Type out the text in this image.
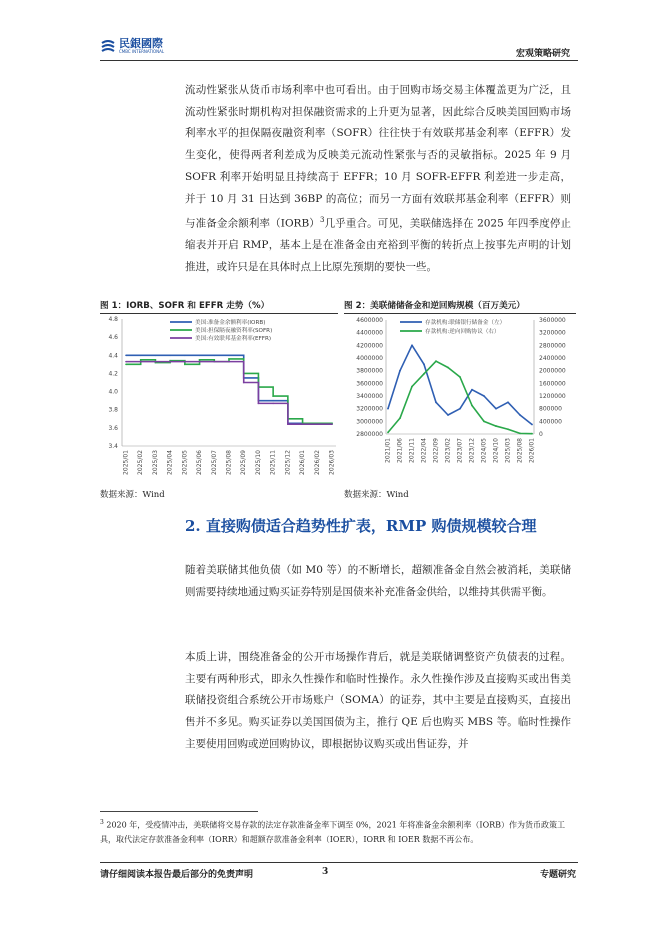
民銀國際
CMBC INTERNATIONAL	宏观策略研究
流动性紧张从货币市场利率中也可看出。由于回购市场交易主体覆盖更为广泛，且流动性紧张时期机构对担保融资需求的上升更为显著，因此综合反映美国回购市场利率水平的担保隔夜融资利率（SOFR）往往快于有效联邦基金利率（EFFR）发生变化，使得两者利差成为反映美元流动性紧张与否的灵敏指标。2025 年 9 月 SOFR 利率开始明显且持续高于 EFFR；10 月 SOFR-EFFR 利差进一步走高，并于 10 月 31 日达到 36BP 的高位；而另一方面有效联邦基金利率（EFFR）则与准备金余额利率（IORB）$^3$几乎重合。可见，美联储选择在 2025 年四季度停止缩表并开启 RMP，基本上是在准备金由充裕到平衡的转折点上按事先声明的计划推进，或许只是在具体时点上比原先预期的要快一些。
图 1：IORB、SOFR 和 EFFR 走势（%）	图 2：美联储储备金和逆回购规模（百万美元）
4.8
4.6
4.4
4.2
4.0
3.8
3.6
3.4
2025/01 2025/02 2025/03 2025/04 2025/05 2025/06 2025/07 2025/08 2025/09 2025/10 2025/11 2025/12 2026/01 2026/02 2026/03
美国:准备金余额利率(IORB)
美国:担保隔夜融资利率(SOFR)
美国:有效联邦基金利率(EFFR)
4600000
4400000
4200000
4000000
3800000
3600000
3400000
3200000
3000000
2800000
3600000
3200000
2800000
2400000
2000000
1600000
1200000
800000
400000
0
2021/01 2021/06 2021/11 2022/04 2022/09 2023/02 2023/07 2023/12 2024/05 2024/10 2025/03 2025/08 2026/01
存款机构:联储银行储备金（左）
存款机构:逆向回购协议（右）
数据来源：Wind	数据来源：Wind
2. 直接购债适合趋势性扩表，RMP 购债规模较合理
随着美联储其他负债（如 M0 等）的不断增长，超额准备金自然会被消耗，美联储则需要持续地通过购买证券特别是国债来补充准备金供给，以维持其供需平衡。
本质上讲，围绕准备金的公开市场操作背后，就是美联储调整资产负债表的过程。主要有两种形式，即永久性操作和临时性操作。永久性操作涉及直接购买或出售美联储投资组合系统公开市场账户（SOMA）的证券，其中主要是直接购买，直接出售并不多见。购买证券以美国国债为主，推行 QE 后也购买 MBS 等。临时性操作主要使用回购或逆回购协议，即根据协议购买或出售证券，并
$^3$ 2020 年，受疫情冲击，美联储将交易存款的法定存款准备金率下调至 0%，2021 年将准备金余额利率（IORB）作为货币政策工具，取代法定存款准备金利率（IORR）和超额存款准备金利率（IOER），IORR 和 IOER 数据不再公布。
请仔细阅读本报告最后部分的免责声明	3	专题研究
